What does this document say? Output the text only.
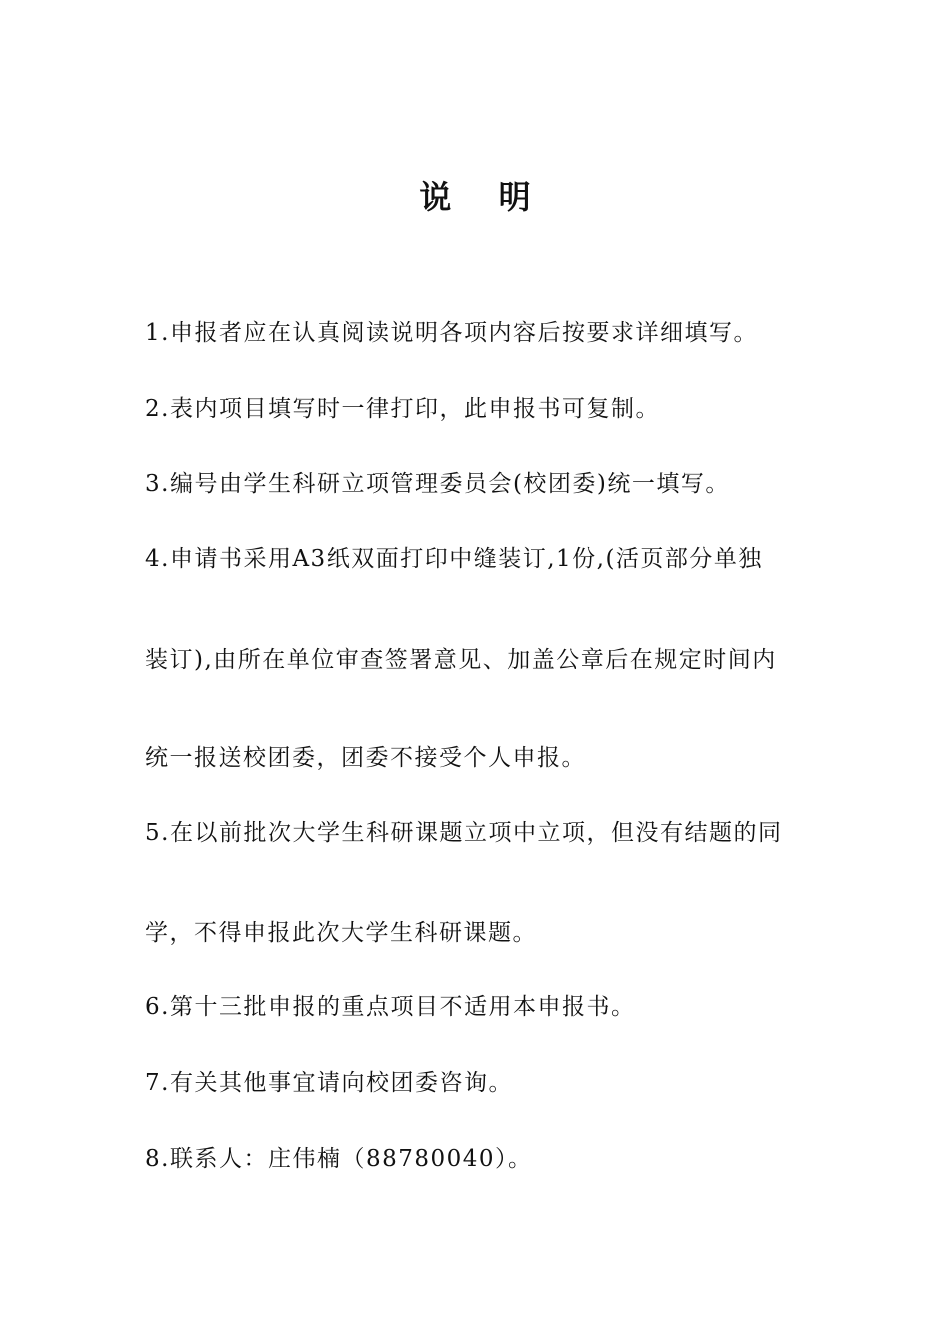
说 明
1.申报者应在认真阅读说明各项内容后按要求详细填写。
2.表内项目填写时一律打印，此申报书可复制。
3.编号由学生科研立项管理委员会(校团委)统一填写。
4.申请书采用A3纸双面打印中缝装订,1份,(活页部分单独
装订),由所在单位审查签署意见、加盖公章后在规定时间内
统一报送校团委，团委不接受个人申报。
5.在以前批次大学生科研课题立项中立项，但没有结题的同
学，不得申报此次大学生科研课题。
6.第十三批申报的重点项目不适用本申报书。
7.有关其他事宜请向校团委咨询。
8.联系人：庄伟楠（88780040）。
